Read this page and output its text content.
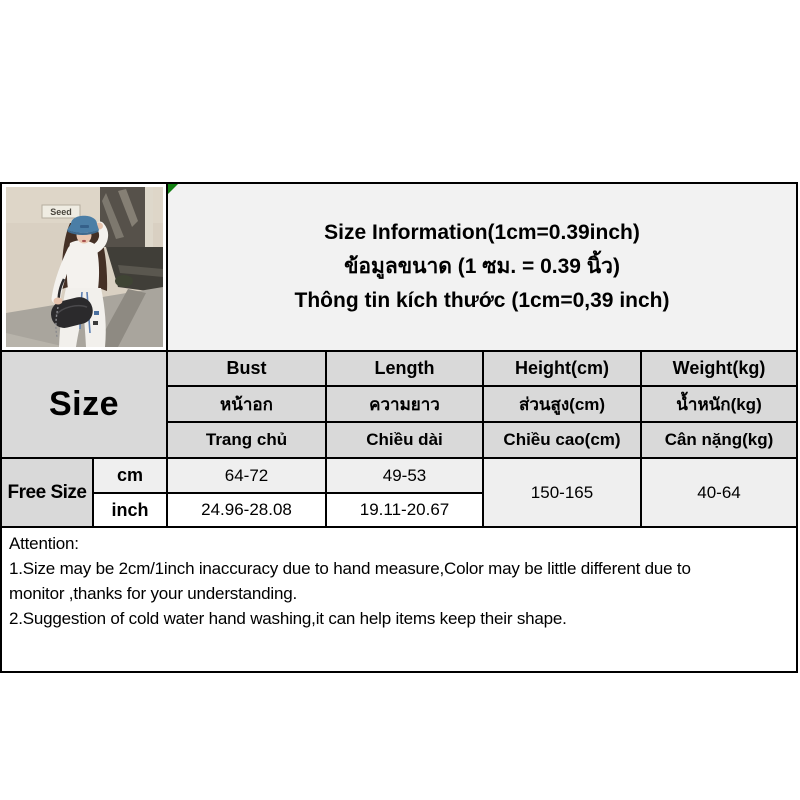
Seed		Size Information(1cm=0.39inch)
ข้อมูลขนาด (1 ซม. = 0.39 นิ้ว)
Thông tin kích thước (1cm=0,39 inch)			

Size		Bust	Length	Height(cm)	Weight(kg)
		หน้าอก	ความยาว	ส่วนสูง(cm)	น้ำหนัก(kg)
		Trang chủ	Chiều dài	Chiều cao(cm)	Cân nặng(kg)
Free Size	cm	64-72	49-53	150-165	40-64
	inch	24.96-28.08	19.11-20.67		

Attention:
1.Size may be 2cm/1inch inaccuracy due to hand measure,Color may be little different due to
monitor ,thanks for your understanding.
2.Suggestion of cold water hand washing,it can help items keep their shape.					
